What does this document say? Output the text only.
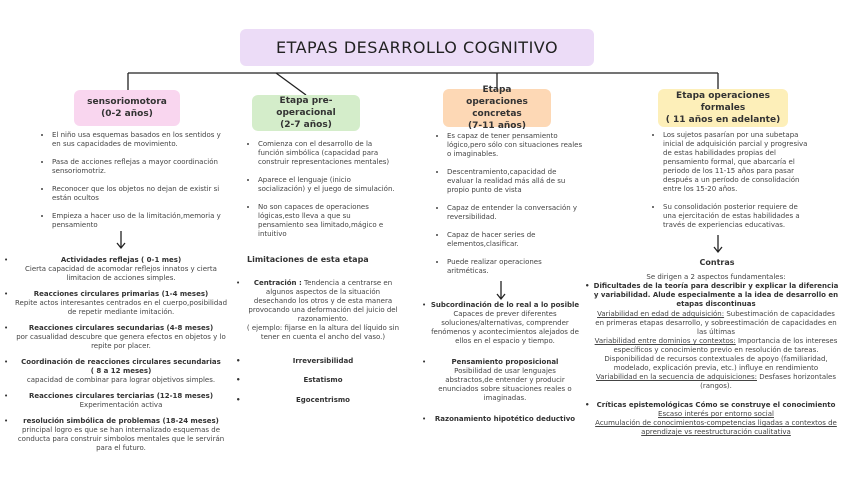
ETAPAS DESARROLLO COGNITIVO
sensoriomotora
(0-2 años)
Etapa pre-operacional
(2-7 años)
Etapa operaciones concretas
(7-11 años)
Etapa operaciones formales
( 11 años en adelante)
• El niño usa esquemas basados en los sentidos y en sus capacidades de movimiento.
• Pasa de acciones reflejas a mayor coordinación sensoriomotriz.
• Reconocer que los objetos no dejan de existir si están ocultos
• Empieza a hacer uso de la limitación,memoria y pensamiento
• Actividades reflejas ( 0-1 mes)
Cierta capacidad de acomodar reflejos innatos y cierta limitacion de acciones simples.
• Reacciones circulares primarias (1-4 meses)
Repite actos interesantes centrados en el cuerpo,posibilidad de repetir mediante imitación.
• Reacciones circulares secundarias (4-8 meses)
por casualidad descubre que genera efectos en objetos y lo repite por placer.
• Coordinación de reacciones circulares secundarias
( 8 a 12 meses)
capacidad de combinar para lograr objetivos simples.
• Reacciones circulares terciarias (12-18 meses)
Experimentación activa
• resolución simbólica de problemas (18-24 meses)
principal logro es que se han internalizado esquemas de conducta para construir simbolos mentales que le servirán para el futuro.
• Comienza con el desarrollo de la función simbólica (capacidad para construir representaciones mentales)
• Aparece el lenguaje (inicio socialización) y el juego de simulación.
• No son capaces de operaciones lógicas,esto lleva a que su pensamiento sea limitado,mágico e intuitivo
Limitaciones de esta etapa
• Centración : Tendencia a centrarse en algunos aspectos de la situación desechando los otros y de esta manera provocando una deformación del juicio del razonamiento.
( ejemplo: fijarse en la altura del líquido sin tener en cuenta el ancho del vaso.)
• Irreversibilidad
• Estatismo
• Egocentrismo
• Es capaz de tener pensamiento lógico,pero sólo con situaciones reales o imaginables.
• Descentramiento,capacidad de evaluar la realidad más allá de su propio punto de vista
• Capaz de entender la conversación y reversibilidad.
• Capaz de hacer series de elementos,clasificar.
• Puede realizar operaciones aritméticas.
• Subcordinación de lo real a lo posible
Capaces de prever diferentes soluciones/alternativas, comprender fenómenos y acontecimientos alejados de ellos en el espacio y tiempo.
• Pensamiento proposicional
Posibilidad de usar lenguajes abstractos,de entender y producir enunciados sobre situaciones reales o imaginadas.
• Razonamiento hipotético deductivo
• Los sujetos pasarían por una subetapa inicial de adquisición parcial y progresiva de estas habilidades propias del pensamiento formal, que abarcaría el periodo de los 11-15 años para pasar después a un período de consolidación entre los 15-20 años.
• Su consolidación posterior requiere de una ejercitación de estas habilidades a través de experiencias educativas.
Contras
Se dirigen a 2 aspectos fundamentales:
• Dificultades de la teoría para describir y explicar la diferencia y variabilidad. Alude especialmente a la idea de desarrollo en etapas discontinuas
Variabilidad en edad de adquisición: Subestimación de capacidades en primeras etapas desarrollo, y sobreestimación de capacidades en las últimas
Variabilidad entre dominios y contextos: Importancia de los intereses específicos y conocimiento previo en resolución de tareas. Disponibilidad de recursos contextuales de apoyo (familiaridad, modelado, explicación previa, etc.) influye en rendimiento
Variabilidad en la secuencia de adquisiciones: Desfases horizontales (rangos).
• Críticas epistemológicas Cómo se construye el conocimiento
Escaso interés por entorno social
Acumulación de conocimientos-competencias ligadas a contextos de aprendizaje vs reestructuración cualitativa
